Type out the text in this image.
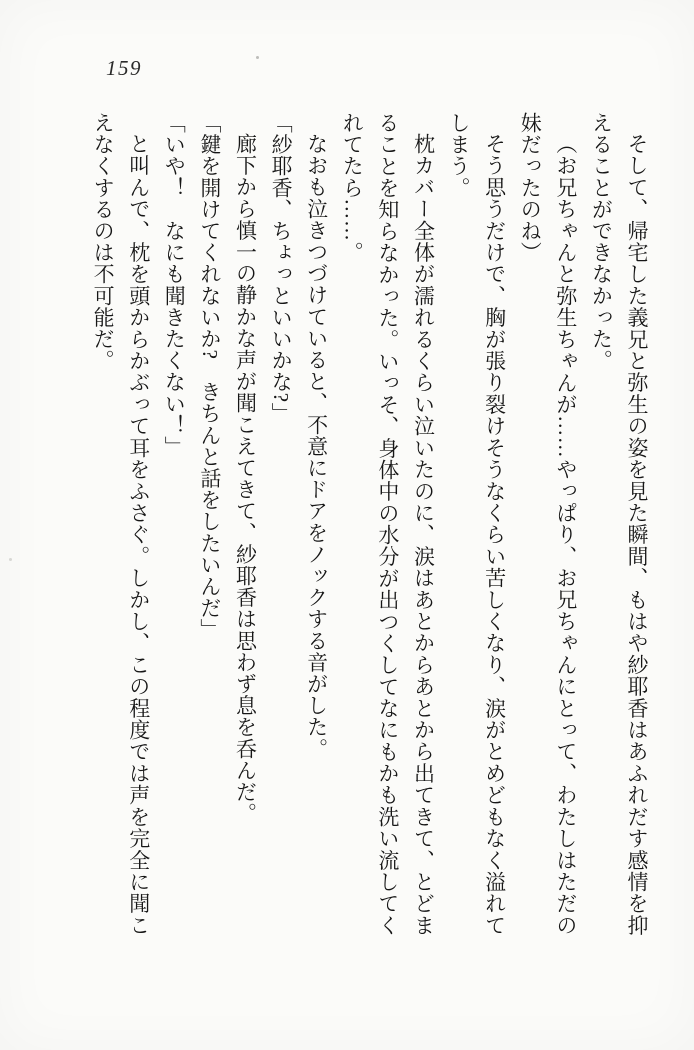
159

そして、帰宅した義兄と弥生の姿を見た瞬間、もはや紗耶香はあふれだす感情を抑えることができなかった。

（お兄ちゃんと弥生ちゃんが……やっぱり、お兄ちゃんにとって、わたしはただの妹だったのね）

そう思うだけで、胸が張り裂けそうなくらい苦しくなり、涙がとめどもなく溢れてしまう。

枕カバー全体が濡れるくらい泣いたのに、涙はあとからあとから出てきて、とどまることを知らなかった。いっそ、身体中の水分が出つくしてなにもかも洗い流してくれてたら……。

なおも泣きつづけていると、不意にドアをノックする音がした。

「紗耶香、ちょっといいかな?」

廊下から慎一の静かな声が聞こえてきて、紗耶香は思わず息を呑んだ。

「鍵を開けてくれないか?　きちんと話をしたいんだ」

「いや！　なにも聞きたくない！」

と叫んで、枕を頭からかぶって耳をふさぐ。しかし、この程度では声を完全に聞こえなくするのは不可能だ。
